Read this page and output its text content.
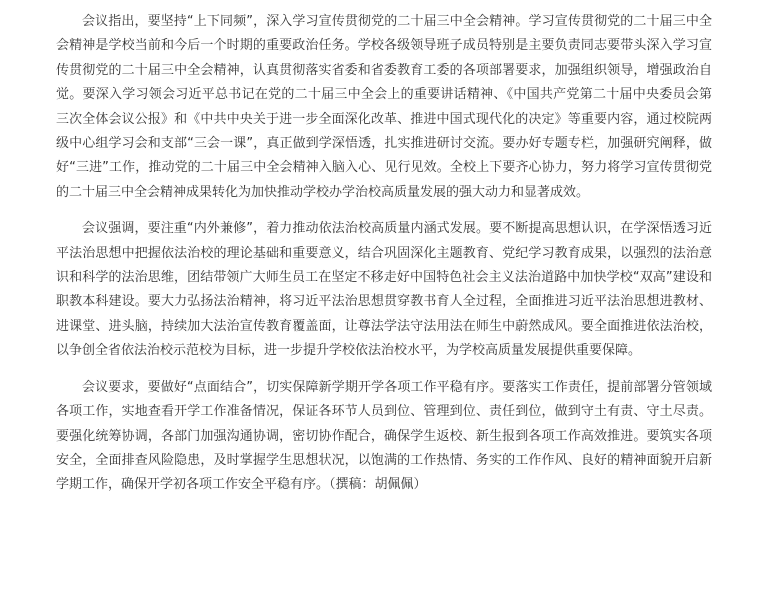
会议指出，要坚持“上下同频”，深入学习宣传贯彻党的二十届三中全会精神。学习宣传贯彻党的二十届三中全会精神是学校当前和今后一个时期的重要政治任务。学校各级领导班子成员特别是主要负责同志要带头深入学习宣传贯彻党的二十届三中全会精神，认真贯彻落实省委和省委教育工委的各项部署要求，加强组织领导，增强政治自觉。要深入学习领会习近平总书记在党的二十届三中全会上的重要讲话精神、《中国共产党第二十届中央委员会第三次全体会议公报》和《中共中央关于进一步全面深化改革、推进中国式现代化的决定》等重要内容，通过校院两级中心组学习会和支部“三会一课”，真正做到学深悟透，扎实推进研讨交流。要办好专题专栏，加强研究阐释，做好“三进”工作，推动党的二十届三中全会精神入脑入心、见行见效。全校上下要齐心协力，努力将学习宣传贯彻党的二十届三中全会精神成果转化为加快推动学校办学治校高质量发展的强大动力和显著成效。

会议强调，要注重“内外兼修”，着力推动依法治校高质量内涵式发展。要不断提高思想认识，在学深悟透习近平法治思想中把握依法治校的理论基础和重要意义，结合巩固深化主题教育、党纪学习教育成果，以强烈的法治意识和科学的法治思维，团结带领广大师生员工在坚定不移走好中国特色社会主义法治道路中加快学校“双高”建设和职教本科建设。要大力弘扬法治精神，将习近平法治思想贯穿教书育人全过程，全面推进习近平法治思想进教材、进课堂、进头脑，持续加大法治宣传教育覆盖面，让尊法学法守法用法在师生中蔚然成风。要全面推进依法治校，以争创全省依法治校示范校为目标，进一步提升学校依法治校水平，为学校高质量发展提供重要保障。

会议要求，要做好“点面结合”，切实保障新学期开学各项工作平稳有序。要落实工作责任，提前部署分管领域各项工作，实地查看开学工作准备情况，保证各环节人员到位、管理到位、责任到位，做到守土有责、守土尽责。要强化统筹协调，各部门加强沟通协调，密切协作配合，确保学生返校、新生报到各项工作高效推进。要筑实各项安全，全面排查风险隐患，及时掌握学生思想状况，以饱满的工作热情、务实的工作作风、良好的精神面貌开启新学期工作，确保开学初各项工作安全平稳有序。（撰稿：胡佩佩）
